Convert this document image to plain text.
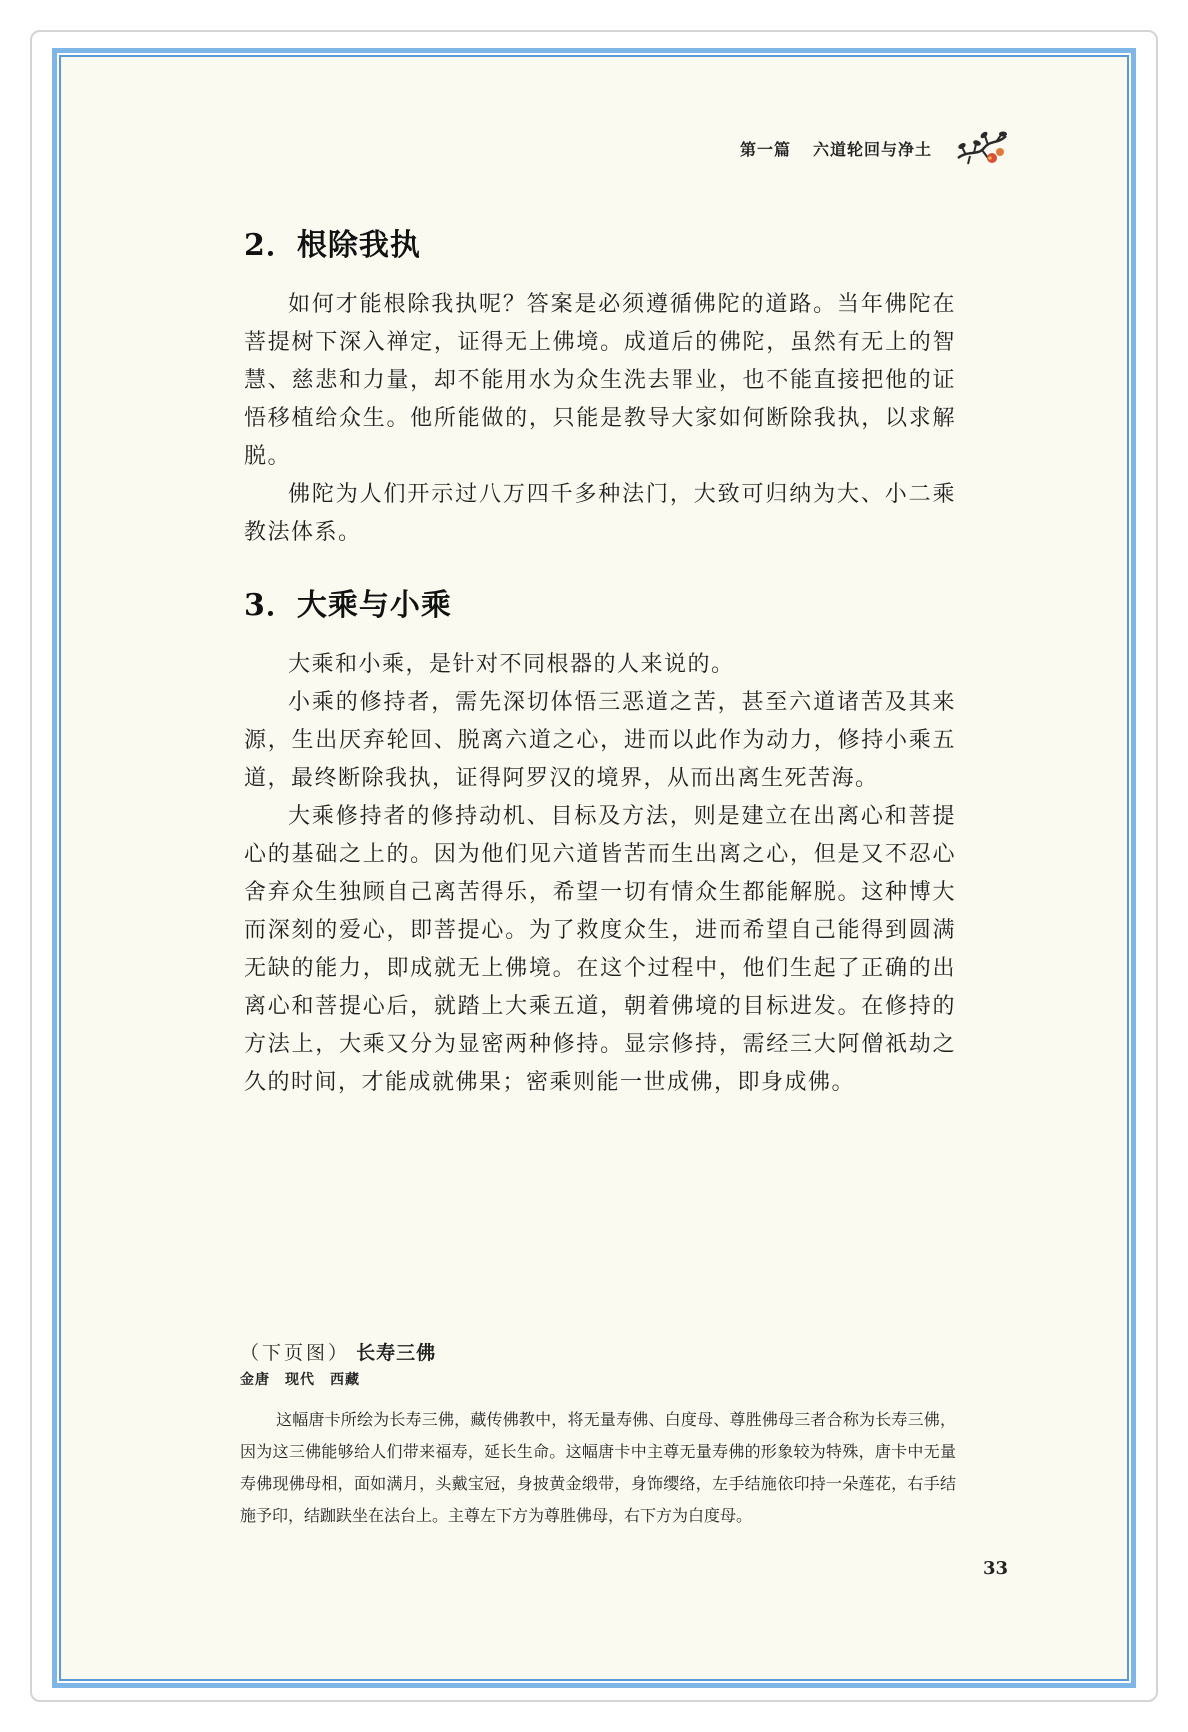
第一篇 六道轮回与净土
2．根除我执

如何才能根除我执呢？答案是必须遵循佛陀的道路。当年佛陀在菩提树下深入禅定，证得无上佛境。成道后的佛陀，虽然有无上的智慧、慈悲和力量，却不能用水为众生洗去罪业，也不能直接把他的证悟移植给众生。他所能做的，只能是教导大家如何断除我执，以求解脱。

佛陀为人们开示过八万四千多种法门，大致可归纳为大、小二乘教法体系。

3．大乘与小乘

大乘和小乘，是针对不同根器的人来说的。

小乘的修持者，需先深切体悟三恶道之苦，甚至六道诸苦及其来源，生出厌弃轮回、脱离六道之心，进而以此作为动力，修持小乘五道，最终断除我执，证得阿罗汉的境界，从而出离生死苦海。

大乘修持者的修持动机、目标及方法，则是建立在出离心和菩提心的基础之上的。因为他们见六道皆苦而生出离之心，但是又不忍心舍弃众生独顾自己离苦得乐，希望一切有情众生都能解脱。这种博大而深刻的爱心，即菩提心。为了救度众生，进而希望自己能得到圆满无缺的能力，即成就无上佛境。在这个过程中，他们生起了正确的出离心和菩提心后，就踏上大乘五道，朝着佛境的目标进发。在修持的方法上，大乘又分为显密两种修持。显宗修持，需经三大阿僧祇劫之久的时间，才能成就佛果；密乘则能一世成佛，即身成佛。

（下页图） 长寿三佛
金唐　现代　西藏

这幅唐卡所绘为长寿三佛，藏传佛教中，将无量寿佛、白度母、尊胜佛母三者合称为长寿三佛，因为这三佛能够给人们带来福寿，延长生命。这幅唐卡中主尊无量寿佛的形象较为特殊，唐卡中无量寿佛现佛母相，面如满月，头戴宝冠，身披黄金缎带，身饰缨络，左手结施依印持一朵莲花，右手结施予印，结跏趺坐在法台上。主尊左下方为尊胜佛母，右下方为白度母。

33
